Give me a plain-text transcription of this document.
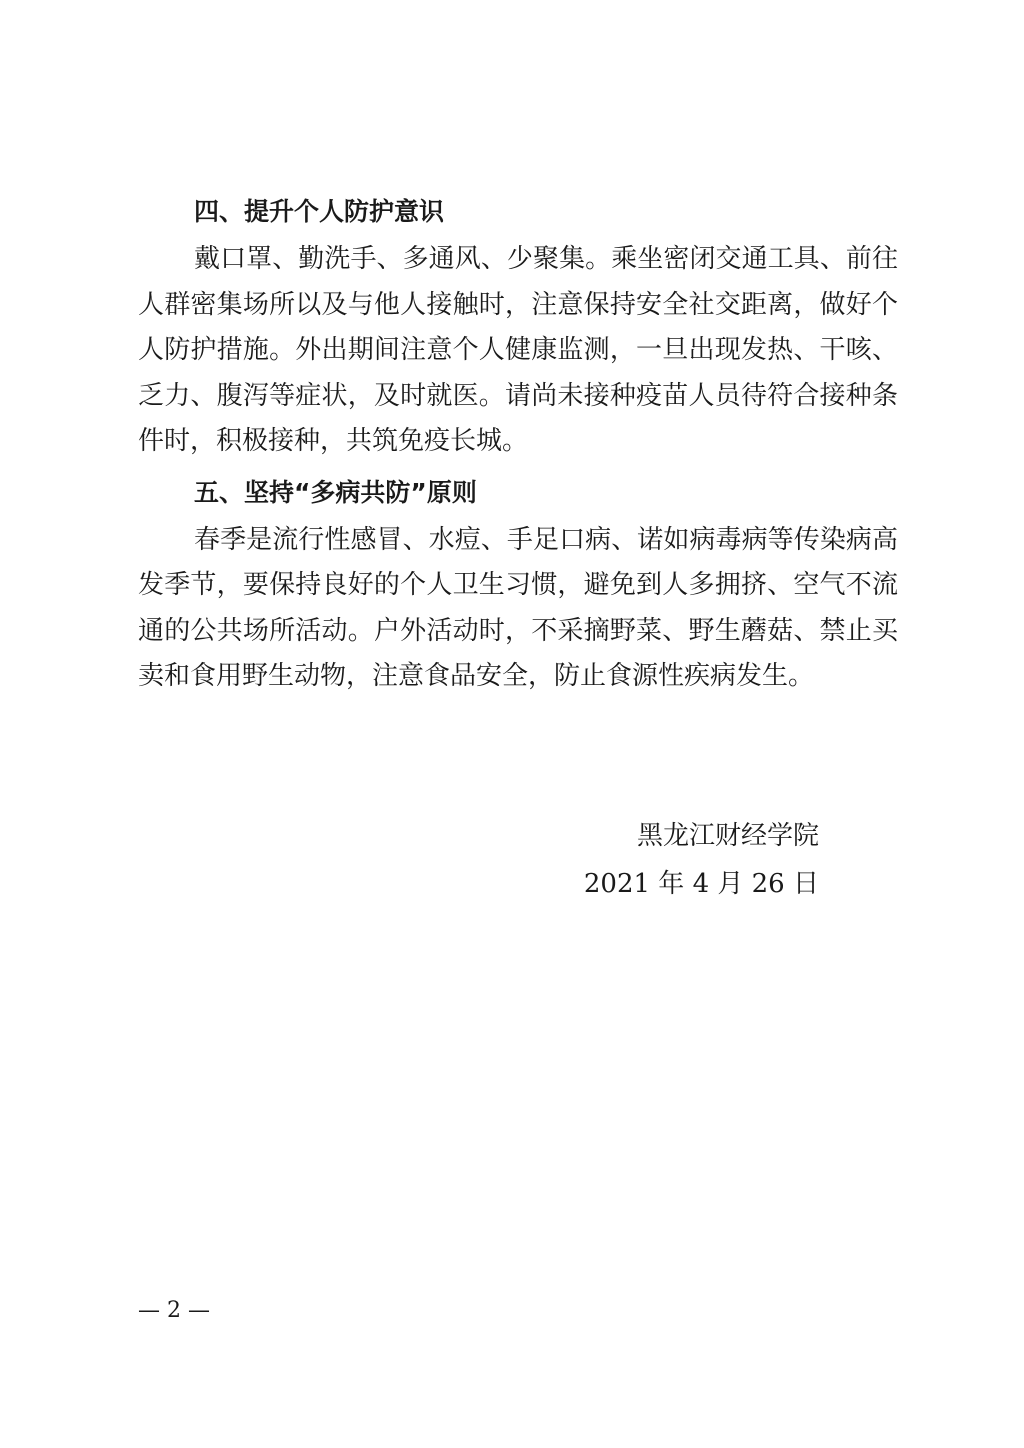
四、提升个人防护意识

戴口罩、勤洗手、多通风、少聚集。乘坐密闭交通工具、前往人群密集场所以及与他人接触时，注意保持安全社交距离，做好个人防护措施。外出期间注意个人健康监测，一旦出现发热、干咳、乏力、腹泻等症状，及时就医。请尚未接种疫苗人员待符合接种条件时，积极接种，共筑免疫长城。

五、坚持“多病共防”原则

春季是流行性感冒、水痘、手足口病、诺如病毒病等传染病高发季节，要保持良好的个人卫生习惯，避免到人多拥挤、空气不流通的公共场所活动。户外活动时，不采摘野菜、野生蘑菇、禁止买卖和食用野生动物，注意食品安全，防止食源性疾病发生。

黑龙江财经学院
2021 年 4 月 26 日
— 2 —
